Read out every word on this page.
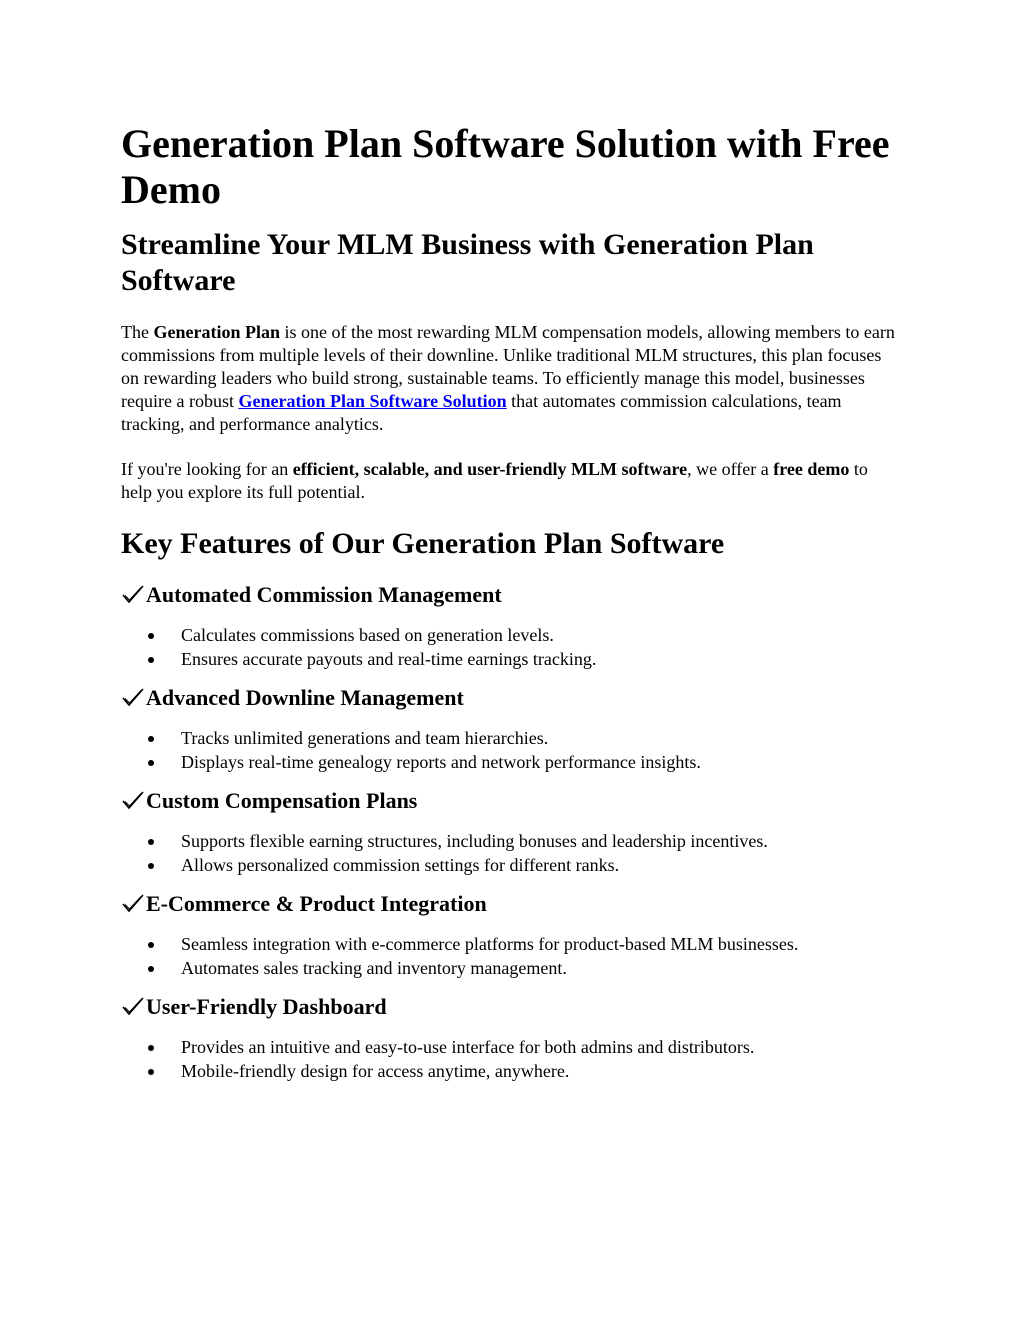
Generation Plan Software Solution with Free Demo
Streamline Your MLM Business with Generation Plan Software

The Generation Plan is one of the most rewarding MLM compensation models, allowing members to earn commissions from multiple levels of their downline. Unlike traditional MLM structures, this plan focuses on rewarding leaders who build strong, sustainable teams. To efficiently manage this model, businesses require a robust Generation Plan Software Solution that automates commission calculations, team tracking, and performance analytics.

If you're looking for an efficient, scalable, and user-friendly MLM software, we offer a free demo to help you explore its full potential.

Key Features of Our Generation Plan Software
Automated Commission Management
Calculates commissions based on generation levels.
Ensures accurate payouts and real-time earnings tracking.
Advanced Downline Management
Tracks unlimited generations and team hierarchies.
Displays real-time genealogy reports and network performance insights.
Custom Compensation Plans
Supports flexible earning structures, including bonuses and leadership incentives.
Allows personalized commission settings for different ranks.
E-Commerce & Product Integration
Seamless integration with e-commerce platforms for product-based MLM businesses.
Automates sales tracking and inventory management.
User-Friendly Dashboard
Provides an intuitive and easy-to-use interface for both admins and distributors.
Mobile-friendly design for access anytime, anywhere.
